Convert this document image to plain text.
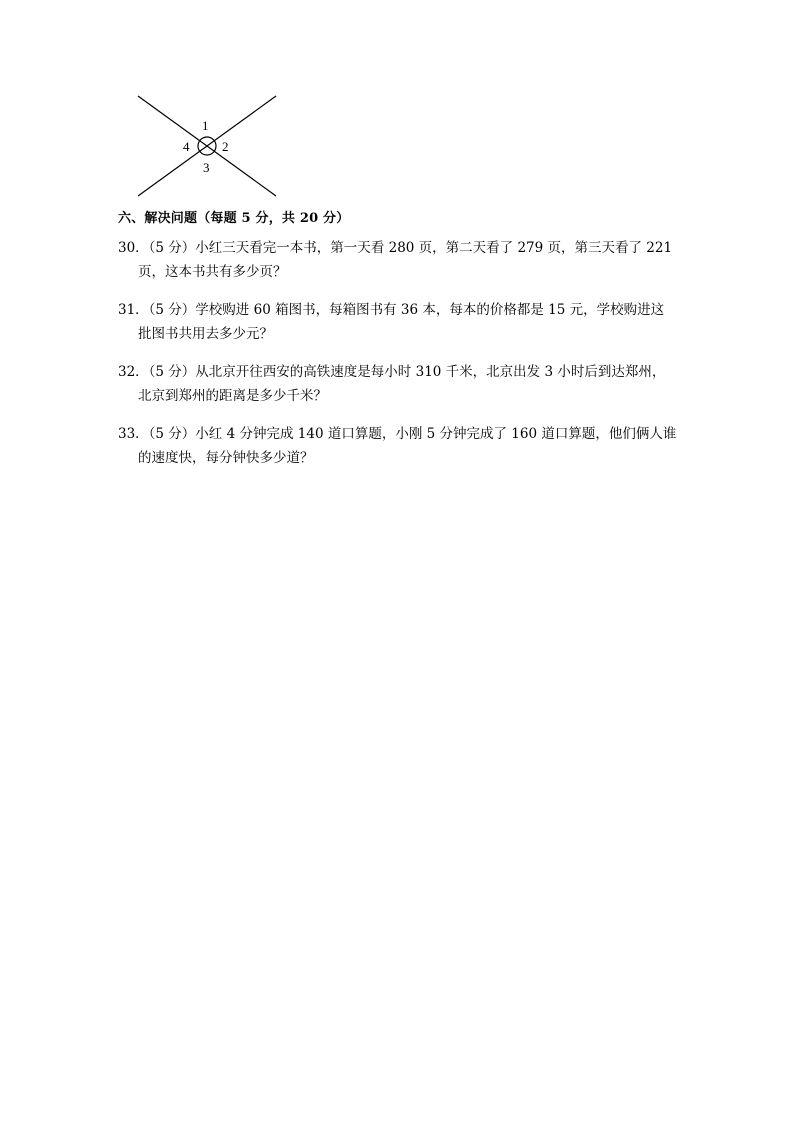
1
2
3
4
六、解决问题（每题 5 分，共 20 分）
30．（5 分）小红三天看完一本书，第一天看 280 页，第二天看了 279 页，第三天看了 221
页，这本书共有多少页？
31．（5 分）学校购进 60 箱图书，每箱图书有 36 本，每本的价格都是 15 元，学校购进这
批图书共用去多少元？
32．（5 分）从北京开往西安的高铁速度是每小时 310 千米，北京出发 3 小时后到达郑州，
北京到郑州的距离是多少千米？
33．（5 分）小红 4 分钟完成 140 道口算题，小刚 5 分钟完成了 160 道口算题，他们俩人谁
的速度快，每分钟快多少道？
